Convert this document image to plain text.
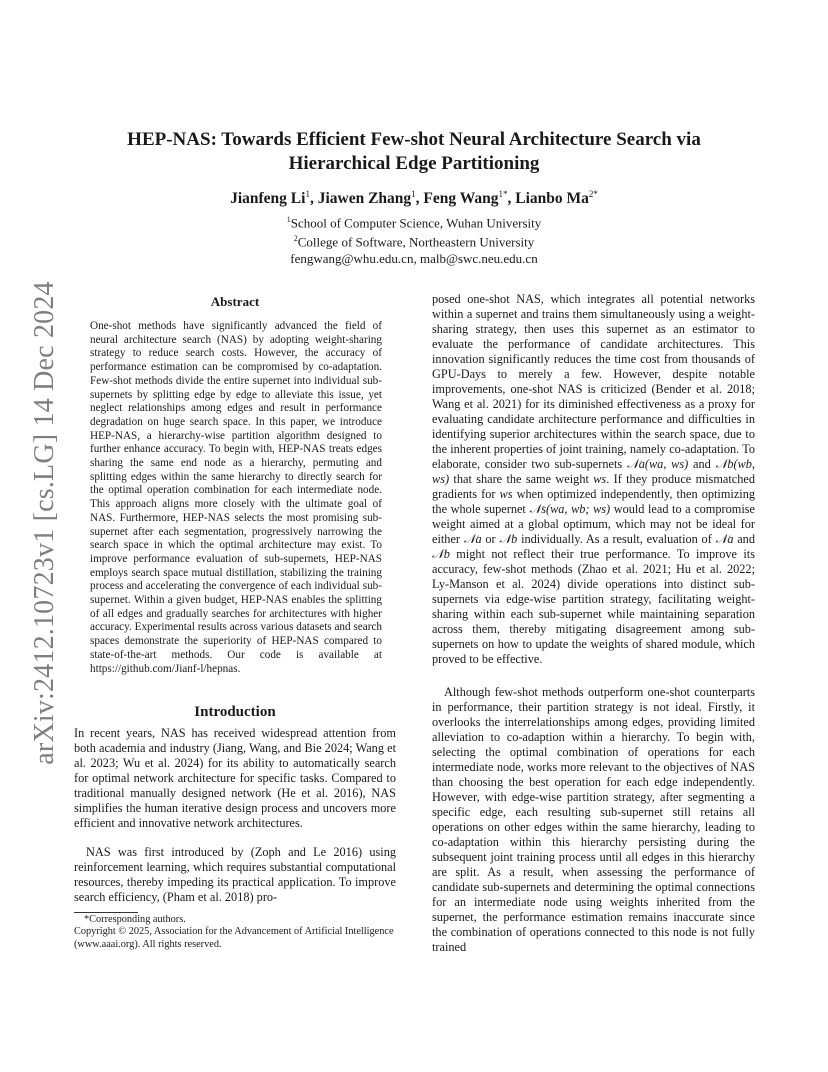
arXiv:2412.10723v1 [cs.LG] 14 Dec 2024
HEP-NAS: Towards Efficient Few-shot Neural Architecture Search via Hierarchical Edge Partitioning

Jianfeng Li$^1$, Jiawen Zhang$^1$, Feng Wang$^{1*}$, Lianbo $Ma^{2*}$

$^1$School of Computer Science, Wuhan University
$^2$College of Software, Northeastern University
fengwang@whu.edu.cn, malb@swc.neu.edu.cn
Abstract

One-shot methods have significantly advanced the field of neural architecture search (NAS) by adopting weight-sharing strategy to reduce search costs. However, the accuracy of performance estimation can be compromised by co-adaptation. Few-shot methods divide the entire supernet into individual sub-supernets by splitting edge by edge to alleviate this issue, yet neglect relationships among edges and result in performance degradation on huge search space. In this paper, we introduce HEP-NAS, a hierarchy-wise partition algorithm designed to further enhance accuracy. To begin with, HEP-NAS treats edges sharing the same end node as a hierarchy, permuting and splitting edges within the same hierarchy to directly search for the optimal operation combination for each intermediate node. This approach aligns more closely with the ultimate goal of NAS. Furthermore, HEP-NAS selects the most promising sub-supernet after each segmentation, progressively narrowing the search space in which the optimal architecture may exist. To improve performance evaluation of sub-supernets, HEP-NAS employs search space mutual distillation, stabilizing the training process and accelerating the convergence of each individual sub-supernet. Within a given budget, HEP-NAS enables the splitting of all edges and gradually searches for architectures with higher accuracy. Experimental results across various datasets and search spaces demonstrate the superiority of HEP-NAS compared to state-of-the-art methods. Our code is available at https://github.com/Jianf-l/hepnas.

Introduction

In recent years, NAS has received widespread attention from both academia and industry (Jiang, Wang, and Bie 2024; Wang et al. 2023; Wu et al. 2024) for its ability to automatically search for optimal network architecture for specific tasks. Compared to traditional manually designed network (He et al. 2016), NAS simplifies the human iterative design process and uncovers more efficient and innovative network architectures.

NAS was first introduced by (Zoph and Le 2016) using reinforcement learning, which requires substantial computational resources, thereby impeding its practical application. To improve search efficiency, (Pham et al. 2018) pro-

*Corresponding authors.
Copyright © 2025, Association for the Advancement of Artificial Intelligence (www.aaai.org). All rights reserved.

posed one-shot NAS, which integrates all potential networks within a supernet and trains them simultaneously using a weight-sharing strategy, then uses this supernet as an estimator to evaluate the performance of candidate architectures. This innovation significantly reduces the time cost from thousands of GPU-Days to merely a few. However, despite notable improvements, one-shot NAS is criticized (Bender et al. 2018; Wang et al. 2021) for its diminished effectiveness as a proxy for evaluating candidate architecture performance and difficulties in identifying superior architectures within the search space, due to the inherent properties of joint training, namely co-adaptation. To elaborate, consider two sub-supernets 𝒩a(wa, ws) and 𝒩b(wb, ws) that share the same weight ws. If they produce mismatched gradients for ws when optimized independently, then optimizing the whole supernet 𝒩s(wa, wb; ws) would lead to a compromise weight aimed at a global optimum, which may not be ideal for either 𝒩a or 𝒩b individually. As a result, evaluation of 𝒩a and 𝒩b might not reflect their true performance. To improve its accuracy, few-shot methods (Zhao et al. 2021; Hu et al. 2022; Ly-Manson et al. 2024) divide operations into distinct sub-supernets via edge-wise partition strategy, facilitating weight-sharing within each sub-supernet while maintaining separation across them, thereby mitigating disagreement among sub-supernets on how to update the weights of shared module, which proved to be effective.

Although few-shot methods outperform one-shot counterparts in performance, their partition strategy is not ideal. Firstly, it overlooks the interrelationships among edges, providing limited alleviation to co-adaption within a hierarchy. To begin with, selecting the optimal combination of operations for each intermediate node, works more relevant to the objectives of NAS than choosing the best operation for each edge independently. However, with edge-wise partition strategy, after segmenting a specific edge, each resulting sub-supernet still retains all operations on other edges within the same hierarchy, leading to co-adaptation within this hierarchy persisting during the subsequent joint training process until all edges in this hierarchy are split. As a result, when assessing the performance of candidate sub-supernets and determining the optimal connections for an intermediate node using weights inherited from the supernet, the performance estimation remains inaccurate since the combination of operations connected to this node is not fully trained
